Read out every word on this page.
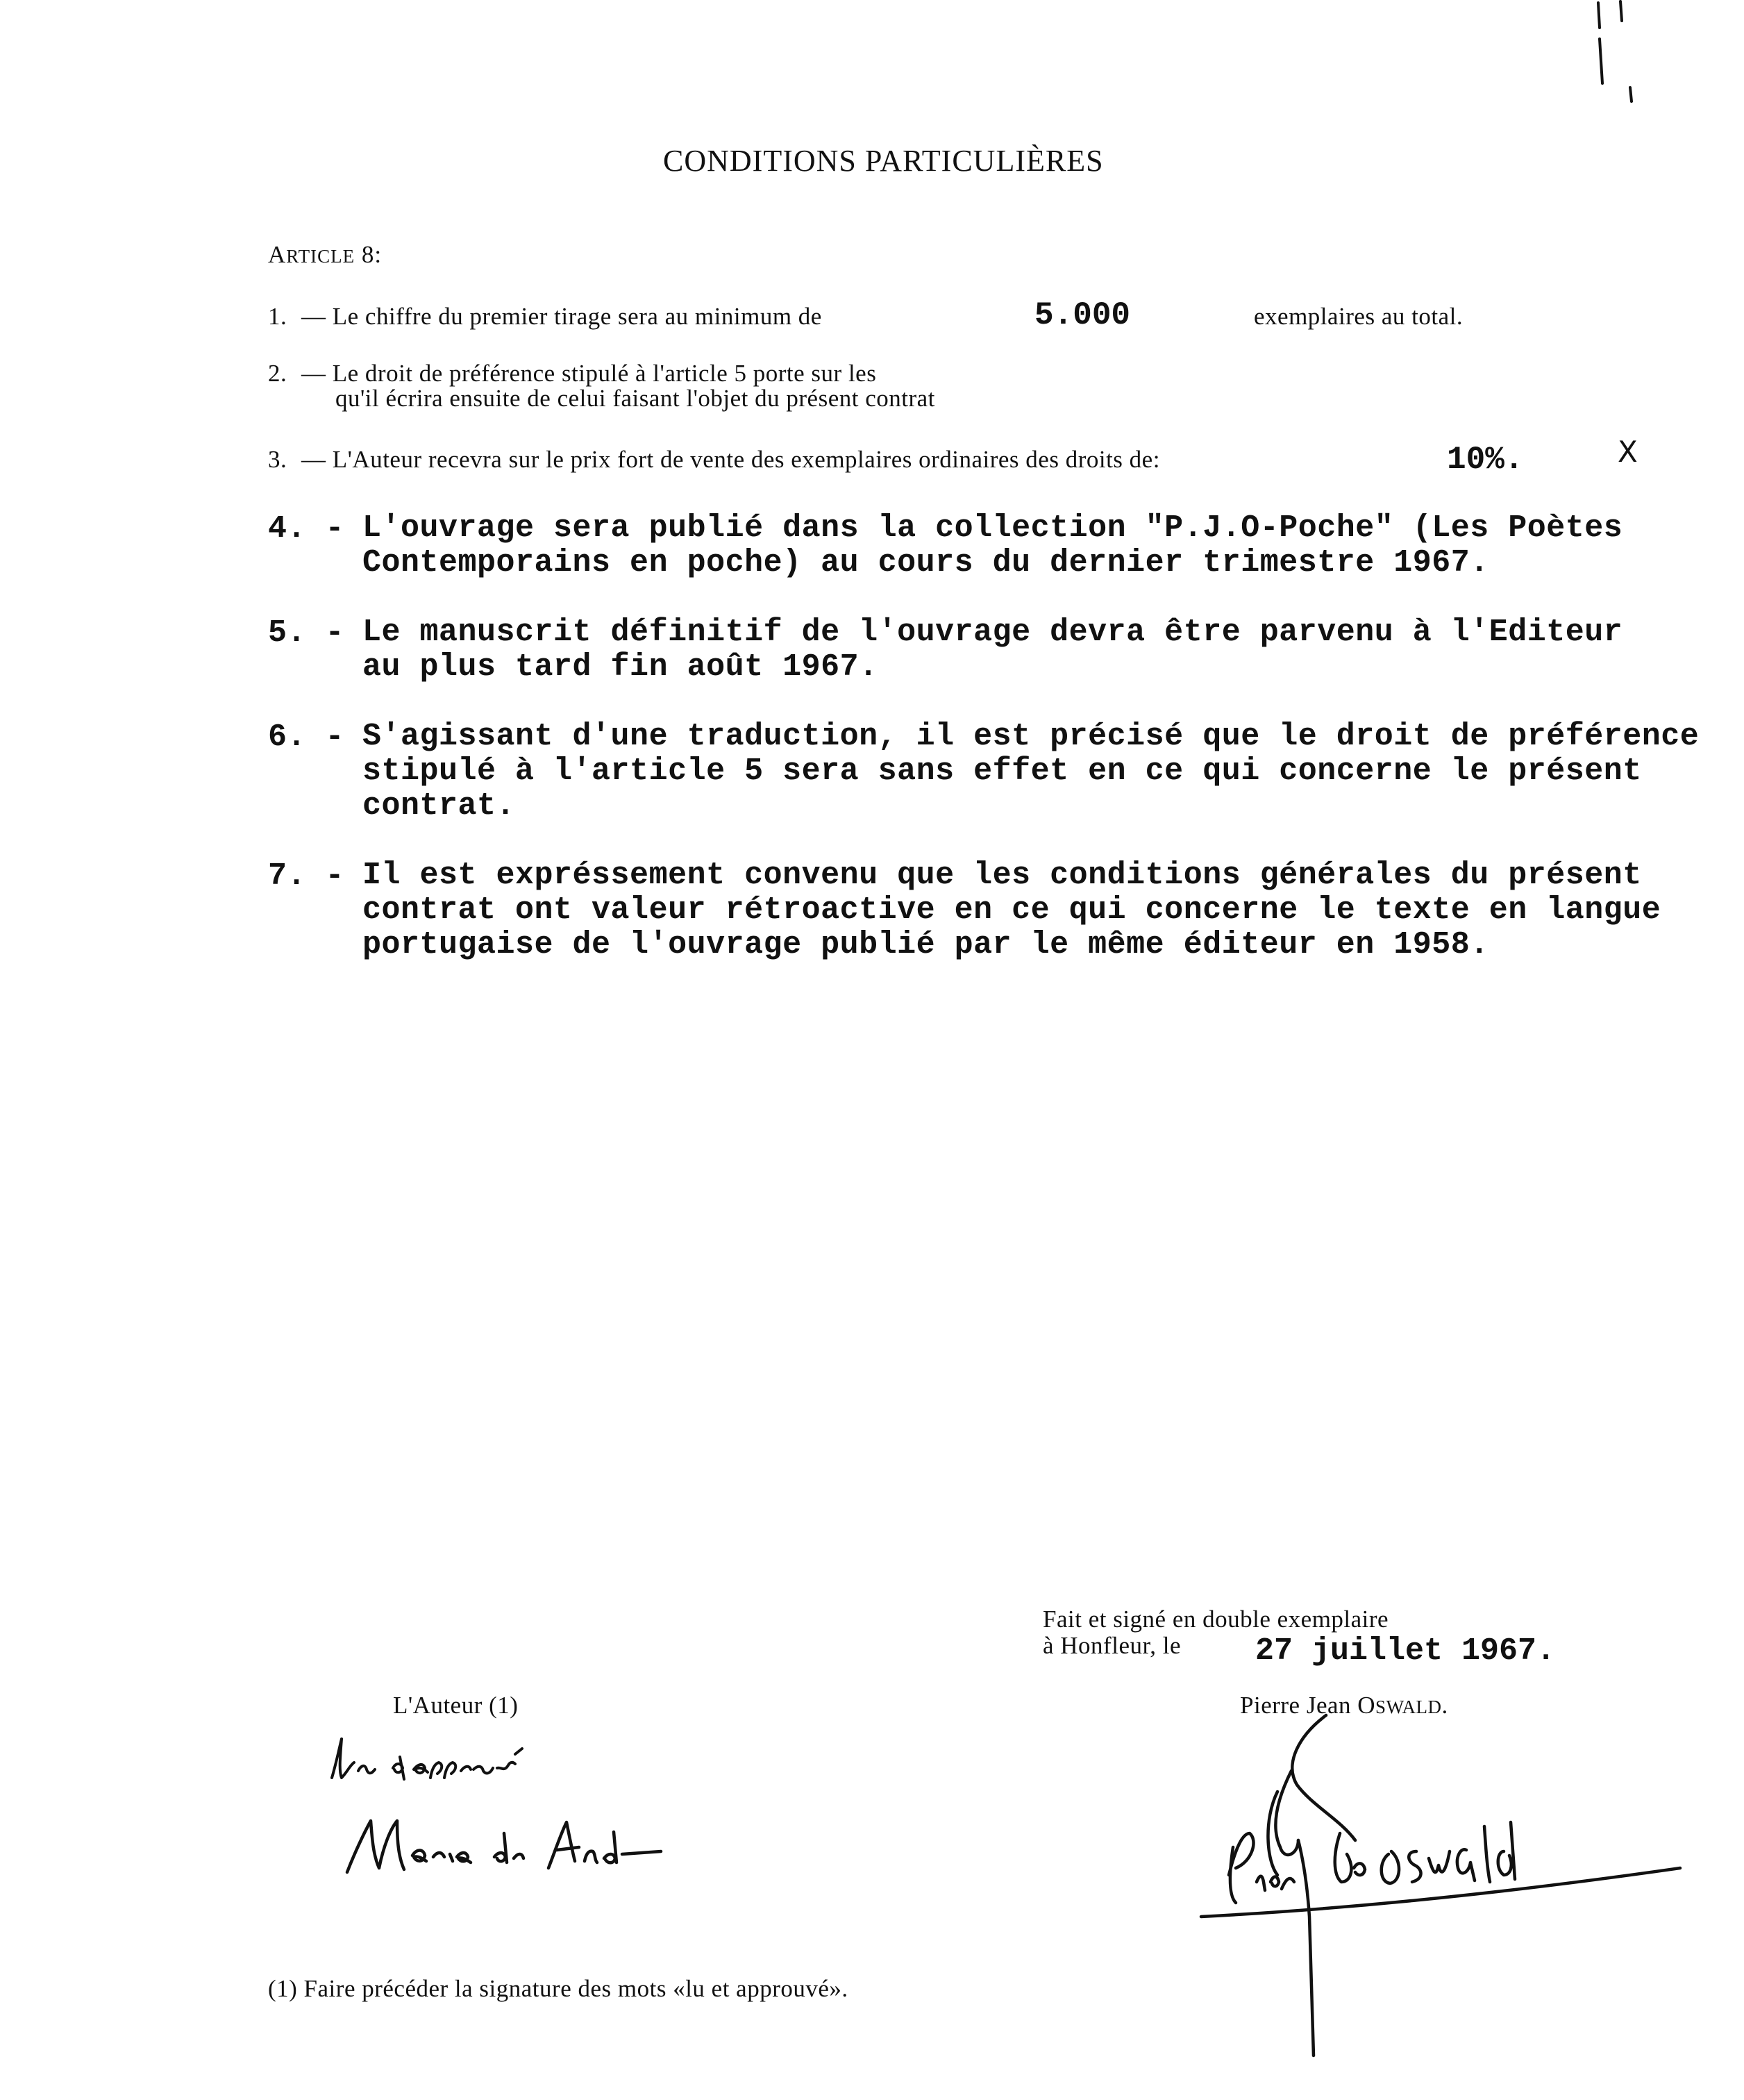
CONDITIONS PARTICULIÈRES
ARTICLE 8:
1. — Le chiffre du premier tirage sera au minimum de	5.000	exemplaires au total.
2. — Le droit de préférence stipulé à l'article 5 porte sur les
qu'il écrira ensuite de celui faisant l'objet du présent contrat
3. — L'Auteur recevra sur le prix fort de vente des exemplaires ordinaires des droits de:	10%.	X
4. - L'ouvrage sera publié dans la collection "P.J.O-Poche" (Les Poètes
Contemporains en poche) au cours du dernier trimestre 1967.
5. - Le manuscrit définitif de l'ouvrage devra être parvenu à l'Editeur
au plus tard fin août 1967.
6. - S'agissant d'une traduction, il est précisé que le droit de préférence
stipulé à l'article 5 sera sans effet en ce qui concerne le présent
contrat.
7. - Il est expréssement convenu que les conditions générales du présent
contrat ont valeur rétroactive en ce qui concerne le texte en langue
portugaise de l'ouvrage publié par le même éditeur en 1958.
Fait et signé en double exemplaire
à Honfleur, le 27 juillet 1967.
L'Auteur (1)	Pierre Jean OSWALD.
(1) Faire précéder la signature des mots «lu et approuvé».
